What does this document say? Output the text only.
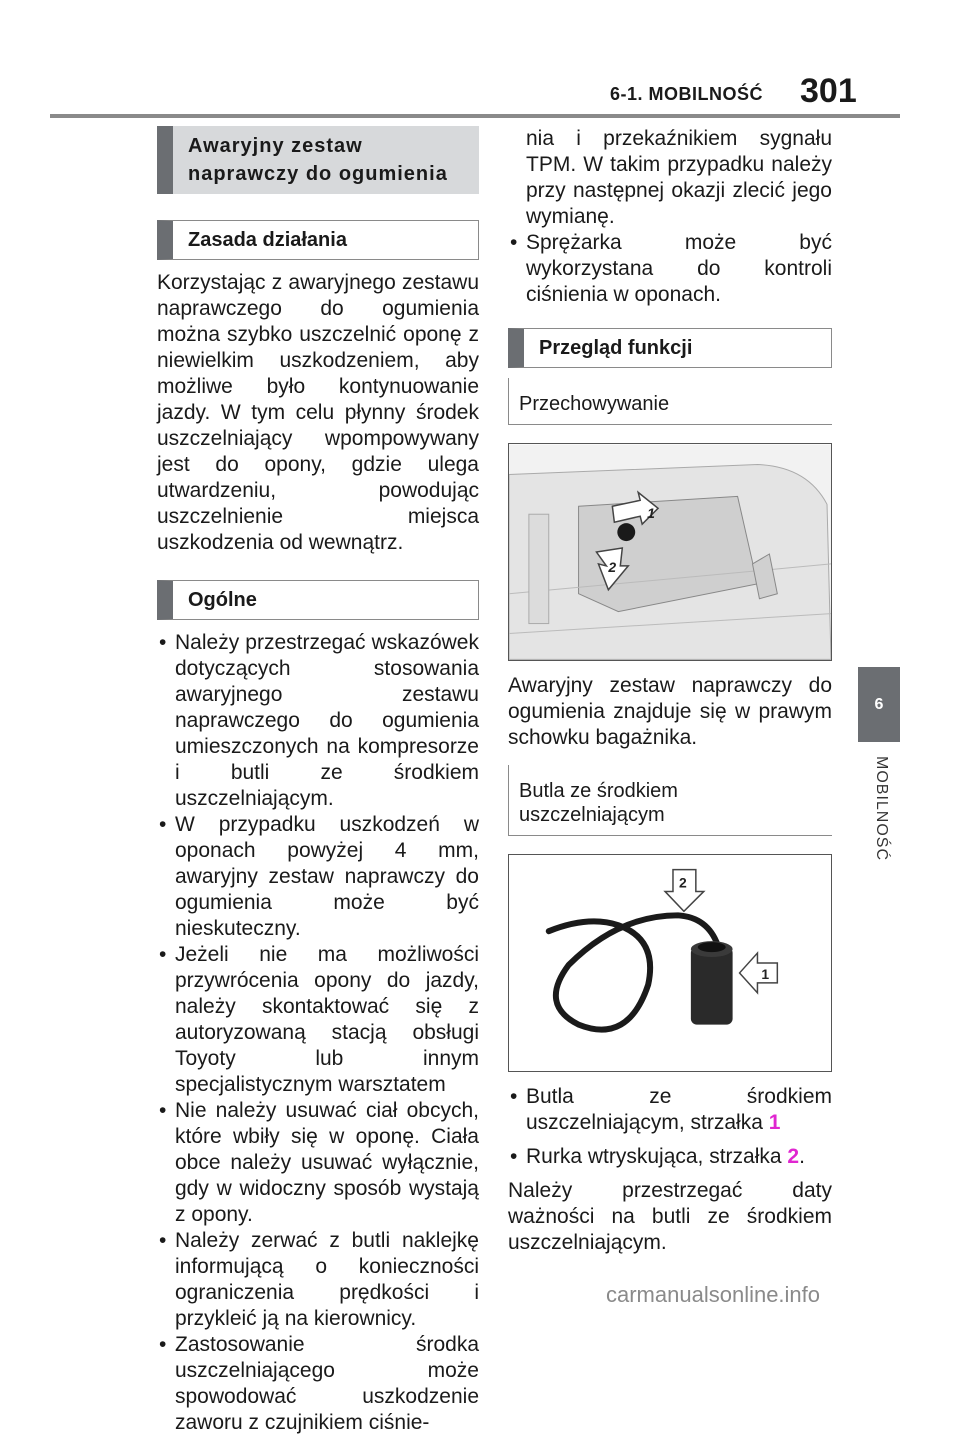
6-1. MOBILNOŚĆ 301
6
MOBILNOŚĆ
Awaryjny zestaw naprawczy do ogumienia
Zasada działania

Korzystając z awaryjnego zestawu naprawczego do ogumienia można szybko uszczelnić oponę z niewielkim uszkodzeniem, aby możliwe było kontynuowanie jazdy. W tym celu płynny środek uszczelniający wpompowywany jest do opony, gdzie ulega utwardzeniu, powodując uszczelnienie miejsca uszkodzenia od wewnątrz.

Ogólne
• Należy przestrzegać wskazówek dotyczących stosowania awaryjnego zestawu naprawczego do ogumienia umieszczonych na kompresorze i butli ze środkiem uszczelniającym.
• W przypadku uszkodzeń w oponach powyżej 4 mm, awaryjny zestaw naprawczy do ogumienia może być nieskuteczny.
• Jeżeli nie ma możliwości przywrócenia opony do jazdy, należy skontaktować się z autoryzowaną stacją obsługi Toyoty lub innym specjalistycznym warsztatem
• Nie należy usuwać ciał obcych, które wbiły się w oponę. Ciała obce należy usuwać wyłącznie, gdy w widoczny sposób wystają z opony.
• Należy zerwać z butli naklejkę informującą o konieczności ograniczenia prędkości i przykleić ją na kierownicy.
• Zastosowanie środka uszczelniającego może spowodować uszkodzenie zaworu z czujnikiem ciśnie-
nia i przekaźnikiem sygnału TPM. W takim przypadku należy przy następnej okazji zlecić jego wymianę.
• Sprężarka może być wykorzystana do kontroli ciśnienia w oponach.
Przegląd funkcji
Przechowywanie
1
2

Awaryjny zestaw naprawczy do ogumienia znajduje się w prawym schowku bagażnika.

Butla ze środkiem uszczelniającym
2
1
• Butla ze środkiem uszczelniającym, strzałka 1
• Rurka wtryskująca, strzałka 2.

Należy przestrzegać daty ważności na butli ze środkiem uszczelniającym.

carmanualsonline.info
